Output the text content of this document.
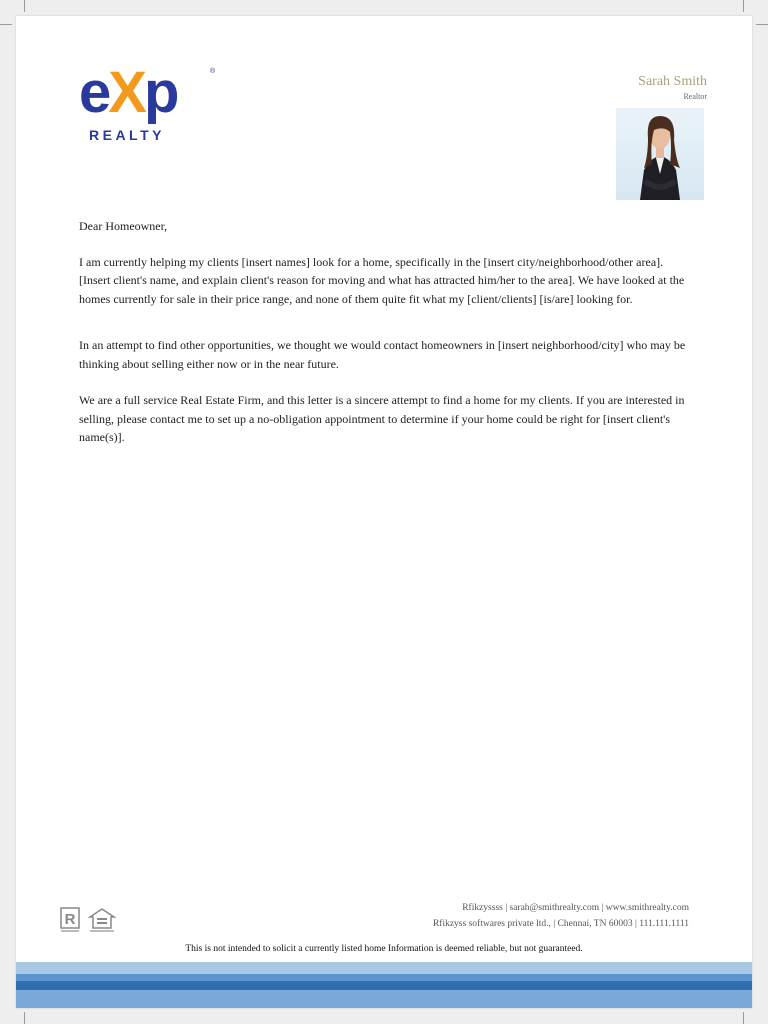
eXp	®
REALTY
Sarah Smith
Realtor

Dear Homeowner,

I am currently helping my clients [insert names] look for a home, specifically in the [insert city/neighborhood/other area]. [Insert client's name, and explain client's reason for moving and what has attracted him/her to the area]. We have looked at the homes currently for sale in their price range, and none of them quite fit what my [client/clients] [is/are] looking for.

In an attempt to find other opportunities, we thought we would contact homeowners in [insert neighborhood/city] who may be thinking about selling either now or in the near future.

We are a full service Real Estate Firm, and this letter is a sincere attempt to find a home for my clients. If you are interested in selling, please contact me to set up a no-obligation appointment to determine if your home could be right for [insert client's name(s)].

R
Rfikzyssss | sarah@smithrealty.com | www.smithrealty.com
Rfikzyss softwares private ltd., | Chennai, TN 60003 | 111.111.1111
This is not intended to solicit a currently listed home Information is deemed reliable, but not guaranteed.
